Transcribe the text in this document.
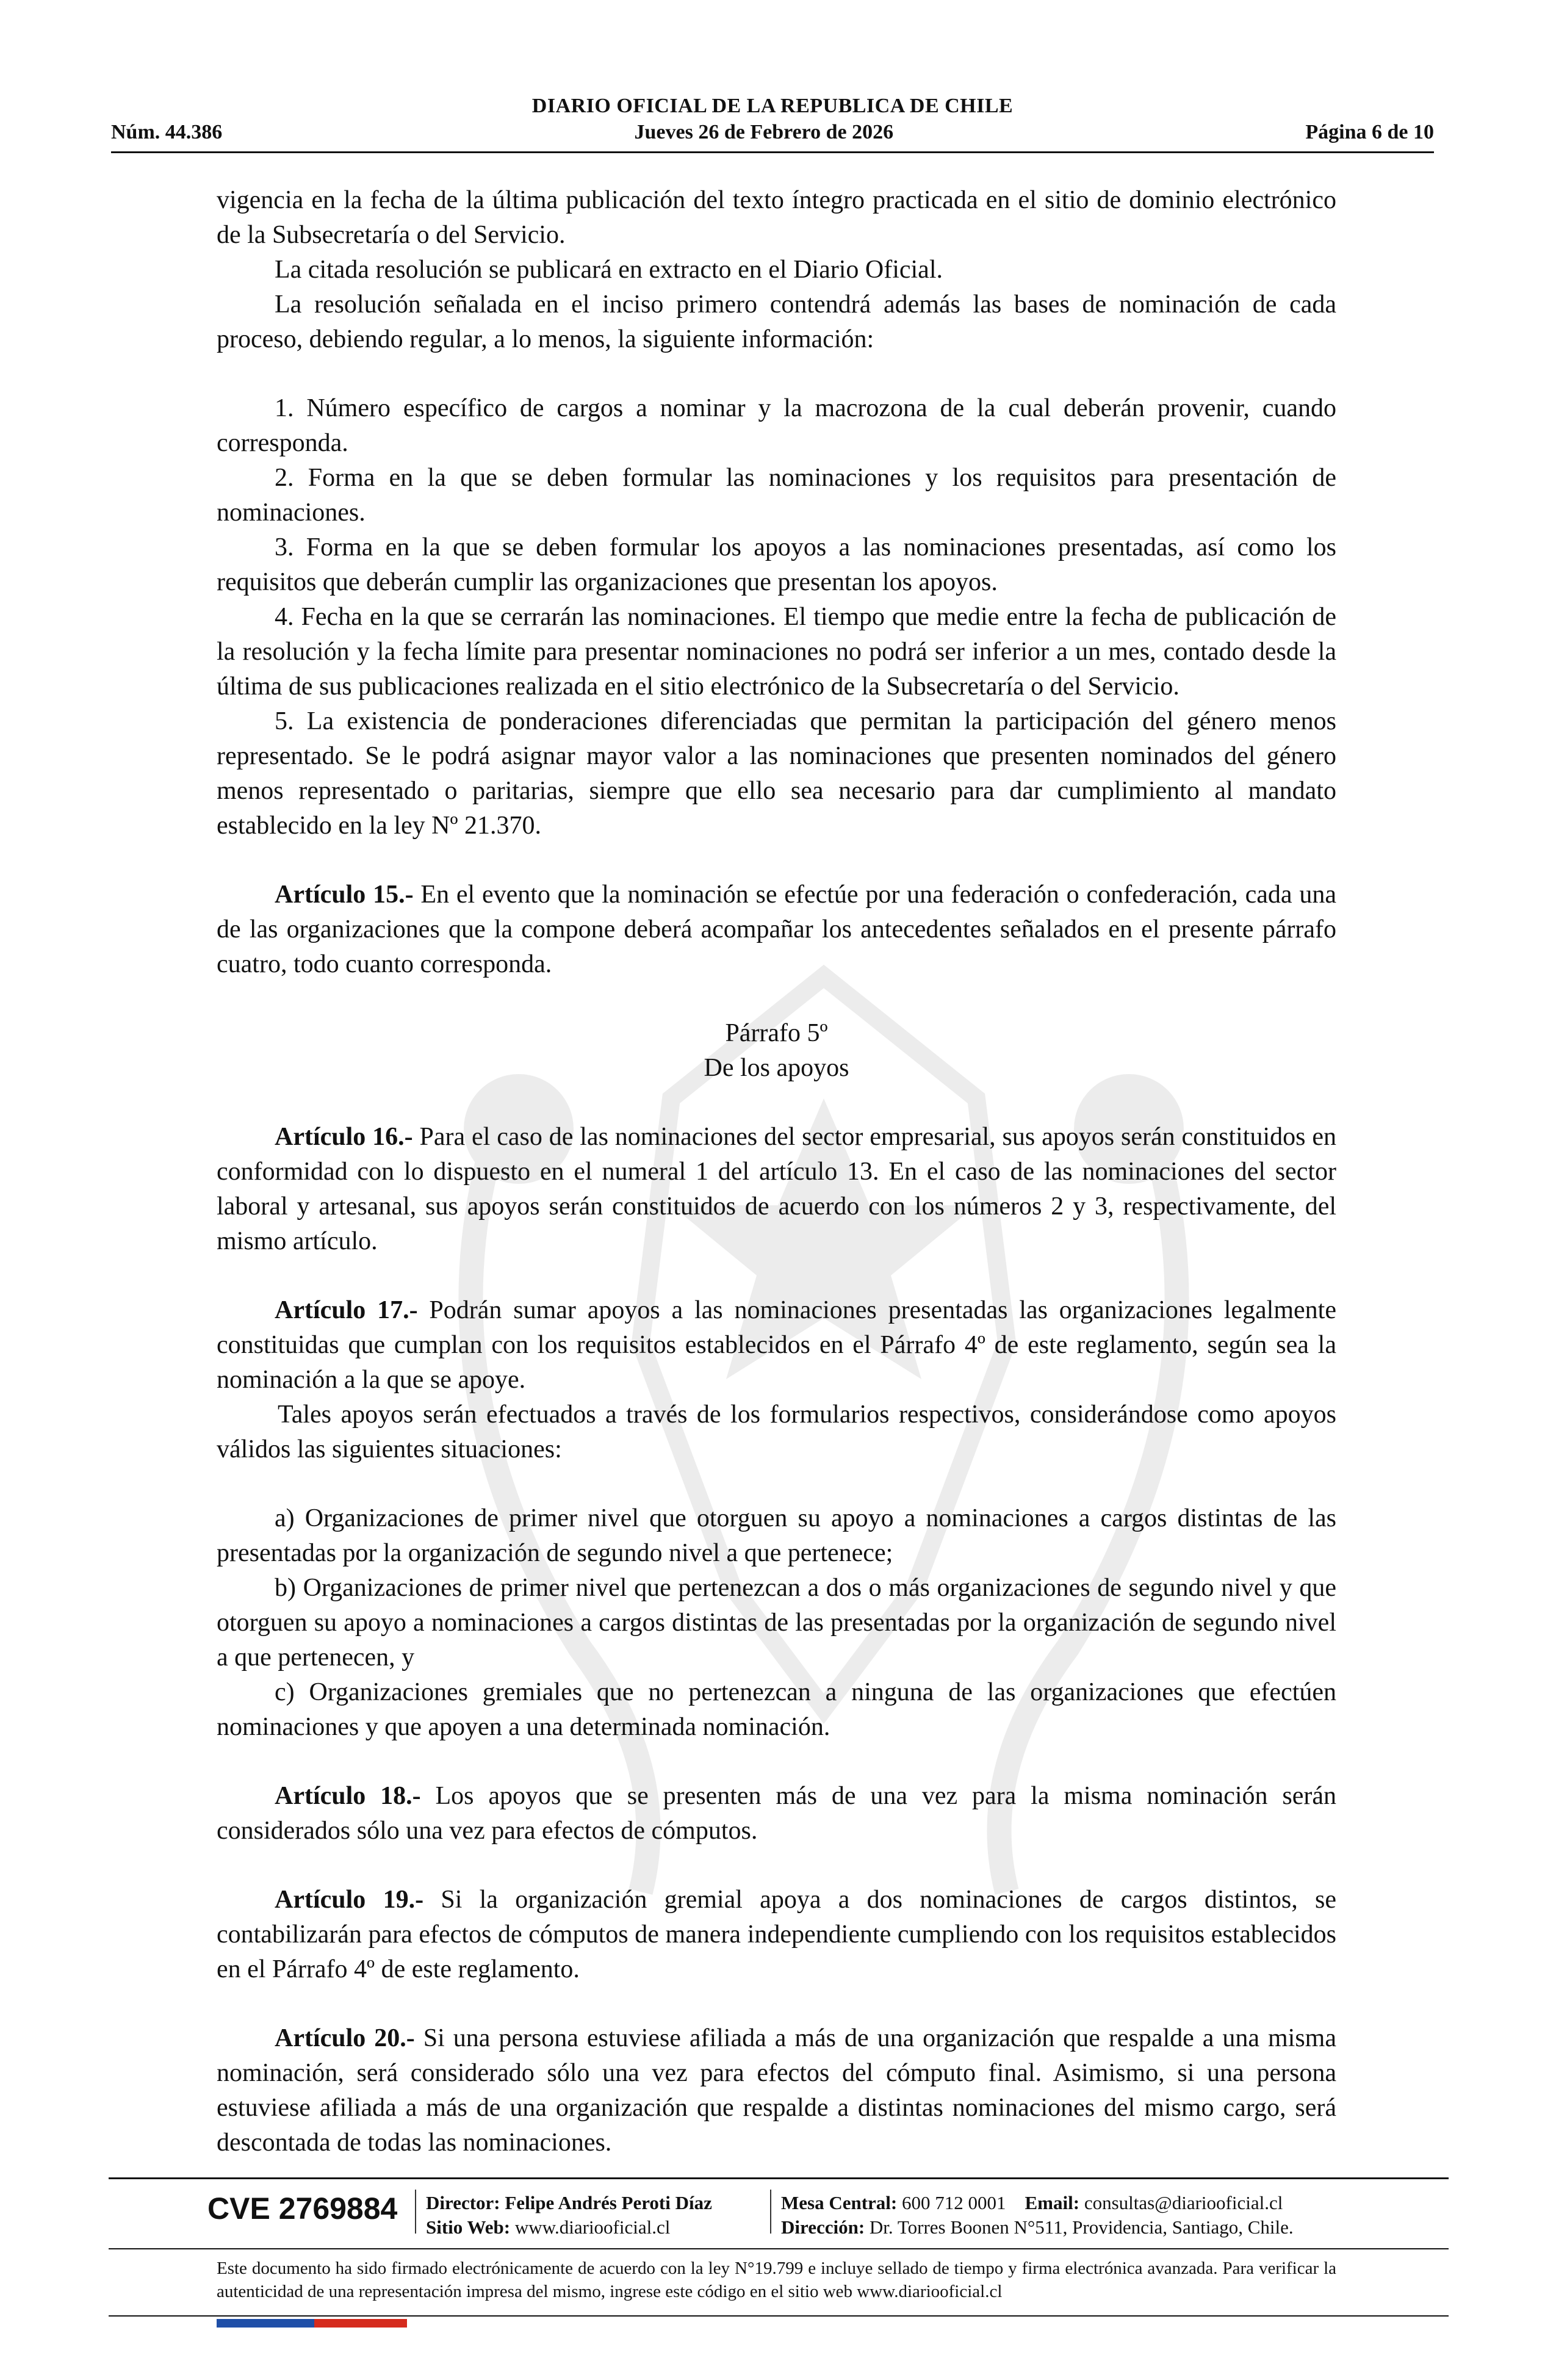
DIARIO OFICIAL DE LA REPUBLICA DE CHILE
Núm. 44.386	Jueves 26 de Febrero de 2026	Página 6 de 10

vigencia en la fecha de la última publicación del texto íntegro practicada en el sitio de dominio electrónico de la Subsecretaría o del Servicio.

La citada resolución se publicará en extracto en el Diario Oficial.

La resolución señalada en el inciso primero contendrá además las bases de nominación de cada proceso, debiendo regular, a lo menos, la siguiente información:

1. Número específico de cargos a nominar y la macrozona de la cual deberán provenir, cuando corresponda.

2. Forma en la que se deben formular las nominaciones y los requisitos para presentación de nominaciones.

3. Forma en la que se deben formular los apoyos a las nominaciones presentadas, así como los requisitos que deberán cumplir las organizaciones que presentan los apoyos.

4. Fecha en la que se cerrarán las nominaciones. El tiempo que medie entre la fecha de publicación de la resolución y la fecha límite para presentar nominaciones no podrá ser inferior a un mes, contado desde la última de sus publicaciones realizada en el sitio electrónico de la Subsecretaría o del Servicio.

5. La existencia de ponderaciones diferenciadas que permitan la participación del género menos representado. Se le podrá asignar mayor valor a las nominaciones que presenten nominados del género menos representado o paritarias, siempre que ello sea necesario para dar cumplimiento al mandato establecido en la ley Nº 21.370.

Artículo 15.- En el evento que la nominación se efectúe por una federación o confederación, cada una de las organizaciones que la compone deberá acompañar los antecedentes señalados en el presente párrafo cuatro, todo cuanto corresponda.

Párrafo 5º

De los apoyos

Artículo 16.- Para el caso de las nominaciones del sector empresarial, sus apoyos serán constituidos en conformidad con lo dispuesto en el numeral 1 del artículo 13. En el caso de las nominaciones del sector laboral y artesanal, sus apoyos serán constituidos de acuerdo con los números 2 y 3, respectivamente, del mismo artículo.

Artículo 17.- Podrán sumar apoyos a las nominaciones presentadas las organizaciones legalmente constituidas que cumplan con los requisitos establecidos en el Párrafo 4º de este reglamento, según sea la nominación a la que se apoye.

Tales apoyos serán efectuados a través de los formularios respectivos, considerándose como apoyos válidos las siguientes situaciones:

a) Organizaciones de primer nivel que otorguen su apoyo a nominaciones a cargos distintas de las presentadas por la organización de segundo nivel a que pertenece;

b) Organizaciones de primer nivel que pertenezcan a dos o más organizaciones de segundo nivel y que otorguen su apoyo a nominaciones a cargos distintas de las presentadas por la organización de segundo nivel a que pertenecen, y

c) Organizaciones gremiales que no pertenezcan a ninguna de las organizaciones que efectúen nominaciones y que apoyen a una determinada nominación.

Artículo 18.- Los apoyos que se presenten más de una vez para la misma nominación serán considerados sólo una vez para efectos de cómputos.

Artículo 19.- Si la organización gremial apoya a dos nominaciones de cargos distintos, se contabilizarán para efectos de cómputos de manera independiente cumpliendo con los requisitos establecidos en el Párrafo 4º de este reglamento.

Artículo 20.- Si una persona estuviese afiliada a más de una organización que respalde a una misma nominación, será considerado sólo una vez para efectos del cómputo final. Asimismo, si una persona estuviese afiliada a más de una organización que respalde a distintas nominaciones del mismo cargo, será descontada de todas las nominaciones.

CVE 2769884 Director: Felipe Andrés Peroti Díaz
Sitio Web: www.diariooficial.cl
Mesa Central: 600 712 0001 Email: consultas@diariooficial.cl
Dirección: Dr. Torres Boonen N°511, Providencia, Santiago, Chile.
Este documento ha sido firmado electrónicamente de acuerdo con la ley N°19.799 e incluye sellado de tiempo y firma electrónica avanzada. Para verificar la autenticidad de una representación impresa del mismo, ingrese este código en el sitio web www.diariooficial.cl
